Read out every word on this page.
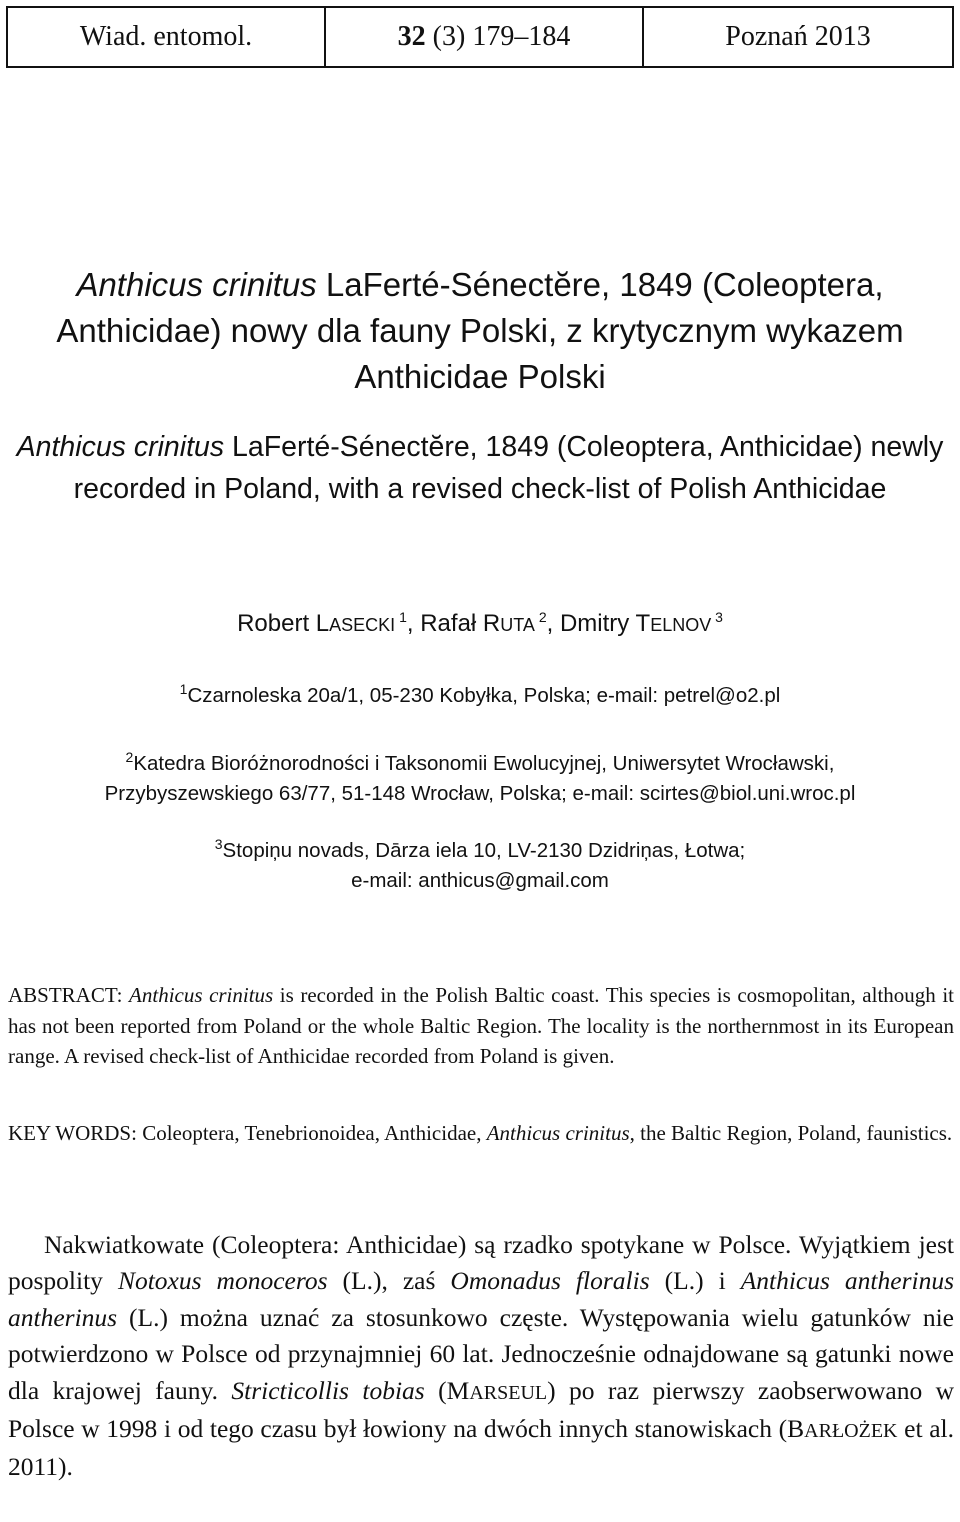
Wiad. entomol.	32
(3) 179–184	Poznań 2013
Anthicus crinitus LaFerté-Sénectĕre, 1849 (Coleoptera, Anthicidae) nowy dla fauny Polski, z krytycznym wykazem Anthicidae Polski
Anthicus crinitus LaFerté-Sénectĕre, 1849 (Coleoptera, Anthicidae) newly recorded in Poland, with a revised check-list of Polish Anthicidae
Robert LASECKI $^1$, Rafał RUTA $^2$, Dmitry TELNOV $^3$
$^1$Czarnoleska 20a/1, 05-230 Kobyłka, Polska; e-mail: petrel@o2.pl
$^2$Katedra Bioróżnorodności i Taksonomii Ewolucyjnej, Uniwersytet Wrocławski,
Przybyszewskiego 63/77, 51-148 Wrocław, Polska; e-mail: scirtes@biol.uni.wroc.pl
$^3$Stopiņu novads, Dārza iela 10, LV-2130 Dzidriņas, Łotwa;
e-mail: anthicus@gmail.com
ABSTRACT: Anthicus crinitus is recorded in the Polish Baltic coast. This species is cosmopolitan, although it has not been reported from Poland or the whole Baltic Region. The locality is the northernmost in its European range. A revised check-list of Anthicidae recorded from Poland is given.
KEY WORDS: Coleoptera, Tenebrionoidea, Anthicidae, Anthicus crinitus, the Baltic Region, Poland, faunistics.
Nakwiatkowate (Coleoptera: Anthicidae) są rzadko spotykane w Polsce. Wyjątkiem jest pospolity Notoxus monoceros (L.), zaś Omonadus floralis (L.) i Anthicus antherinus antherinus (L.) można uznać za stosunkowo częste. Występowania wielu gatunków nie potwierdzono w Polsce od przynajmniej 60 lat. Jednocześnie odnajdowane są gatunki nowe dla krajowej fauny. Stricticollis tobias (MARSEUL) po raz pierwszy zaobserwowano w Polsce w 1998 i od tego czasu był łowiony na dwóch innych stanowiskach (BARŁOŻEK et al. 2011).
